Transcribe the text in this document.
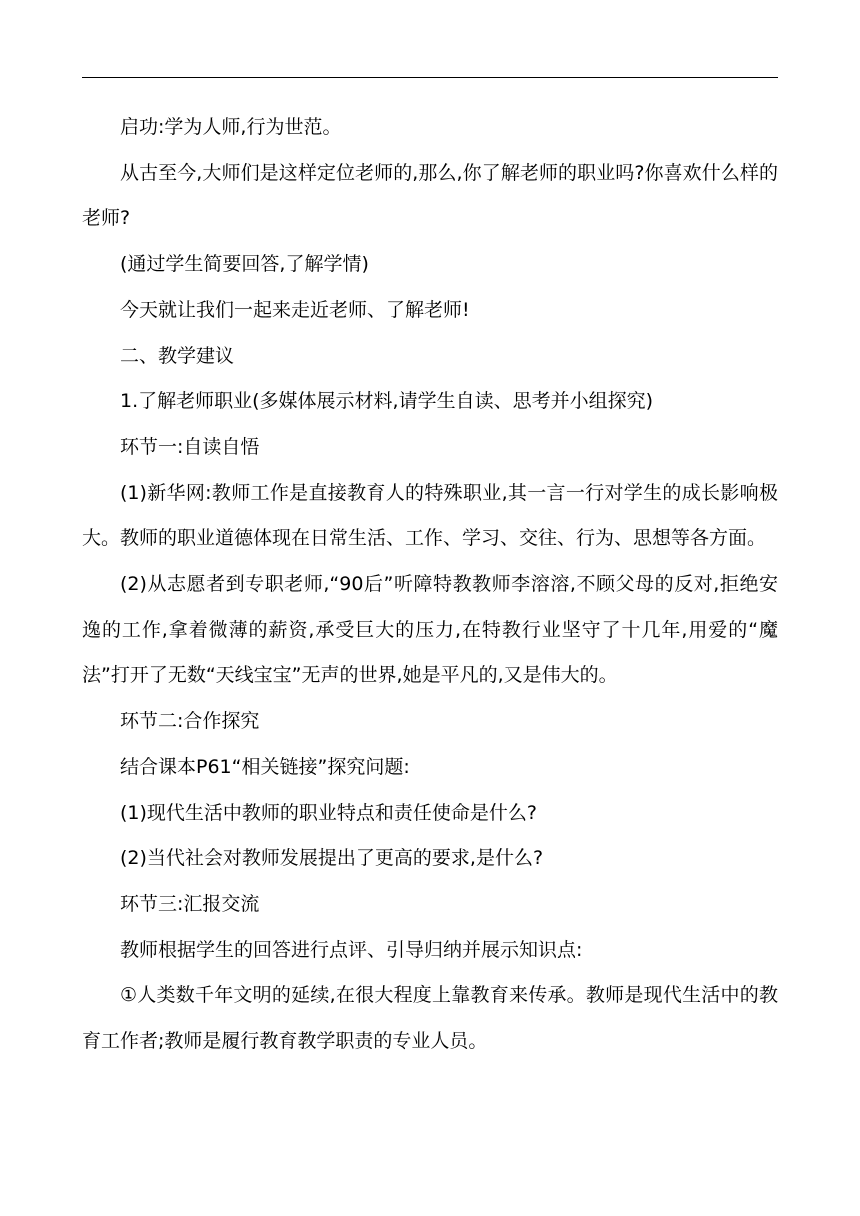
启功:学为人师,行为世范。

从古至今,大师们是这样定位老师的,那么,你了解老师的职业吗?你喜欢什么样的老师?

(通过学生简要回答,了解学情)

今天就让我们一起来走近老师、了解老师!

二、教学建议

1.了解老师职业(多媒体展示材料,请学生自读、思考并小组探究)

环节一:自读自悟

(1)新华网:教师工作是直接教育人的特殊职业,其一言一行对学生的成长影响极大。教师的职业道德体现在日常生活、工作、学习、交往、行为、思想等各方面。

(2)从志愿者到专职老师,“90后”听障特教教师李溶溶,不顾父母的反对,拒绝安逸的工作,拿着微薄的薪资,承受巨大的压力,在特教行业坚守了十几年,用爱的“魔法”打开了无数“天线宝宝”无声的世界,她是平凡的,又是伟大的。

环节二:合作探究

结合课本P61“相关链接”探究问题:

(1)现代生活中教师的职业特点和责任使命是什么?

(2)当代社会对教师发展提出了更高的要求,是什么?

环节三:汇报交流

教师根据学生的回答进行点评、引导归纳并展示知识点:

①人类数千年文明的延续,在很大程度上靠教育来传承。教师是现代生活中的教育工作者;教师是履行教育教学职责的专业人员。
